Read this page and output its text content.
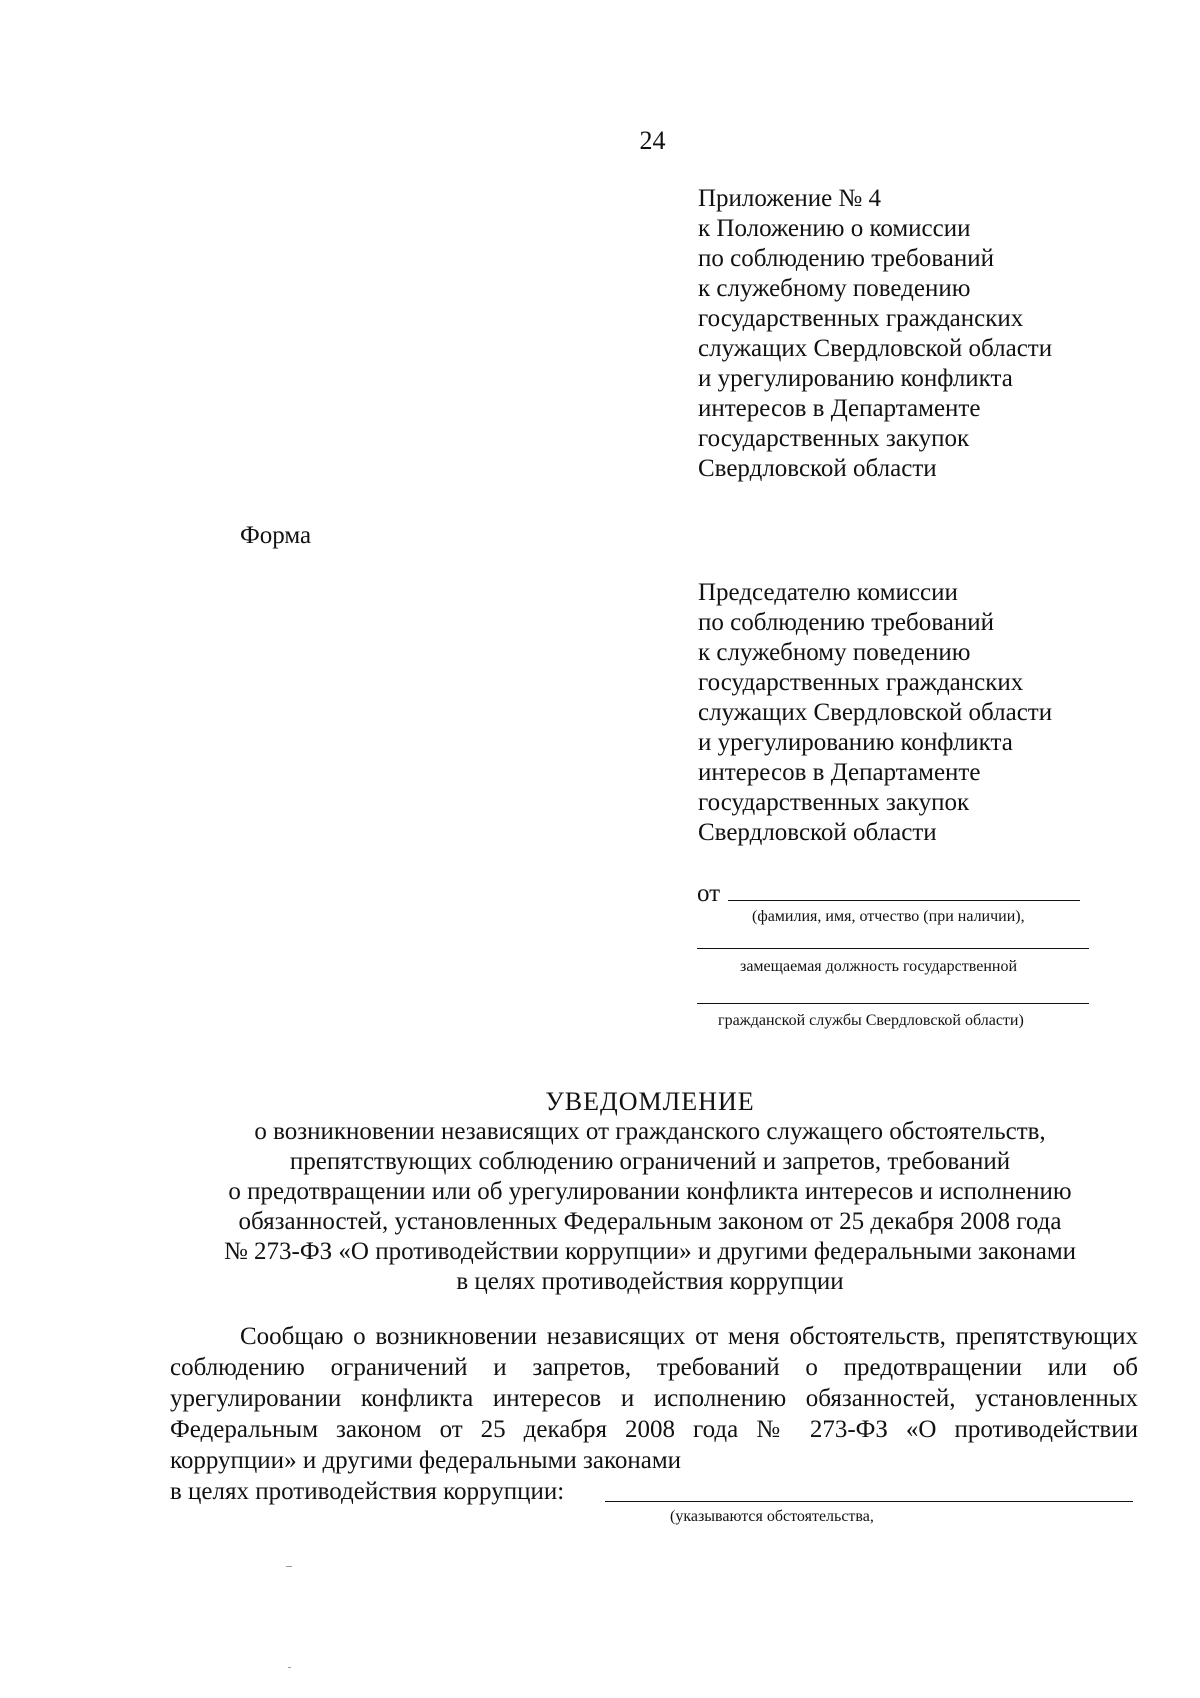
24
Приложение № 4
к Положению о комиссии
по соблюдению требований
к служебному поведению
государственных гражданских
служащих Свердловской области
и урегулированию конфликта
интересов в Департаменте
государственных закупок
Свердловской области
Форма
Председателю комиссии
по соблюдению требований
к служебному поведению
государственных гражданских
служащих Свердловской области
и урегулированию конфликта
интересов в Департаменте
государственных закупок
Свердловской области
от
(фамилия, имя, отчество (при наличии),
замещаемая должность государственной
гражданской службы Свердловской области)
УВЕДОМЛЕНИЕ
о возникновении независящих от гражданского служащего обстоятельств,
препятствующих соблюдению ограничений и запретов, требований
о предотвращении или об урегулировании конфликта интересов и исполнению
обязанностей, установленных Федеральным законом от 25 декабря 2008 года
№ 273-ФЗ «О противодействии коррупции» и другими федеральными законами
в целях противодействия коррупции
Сообщаю о возникновении независящих от меня обстоятельств, препятствующих соблюдению ограничений и запретов, требований о предотвращении или об урегулировании конфликта интересов и исполнению обязанностей, установленных Федеральным законом от 25 декабря 2008 года № 273-ФЗ «О противодействии коррупции» и другими федеральными законами
в целях противодействия коррупции:
(указываются обстоятельства,
